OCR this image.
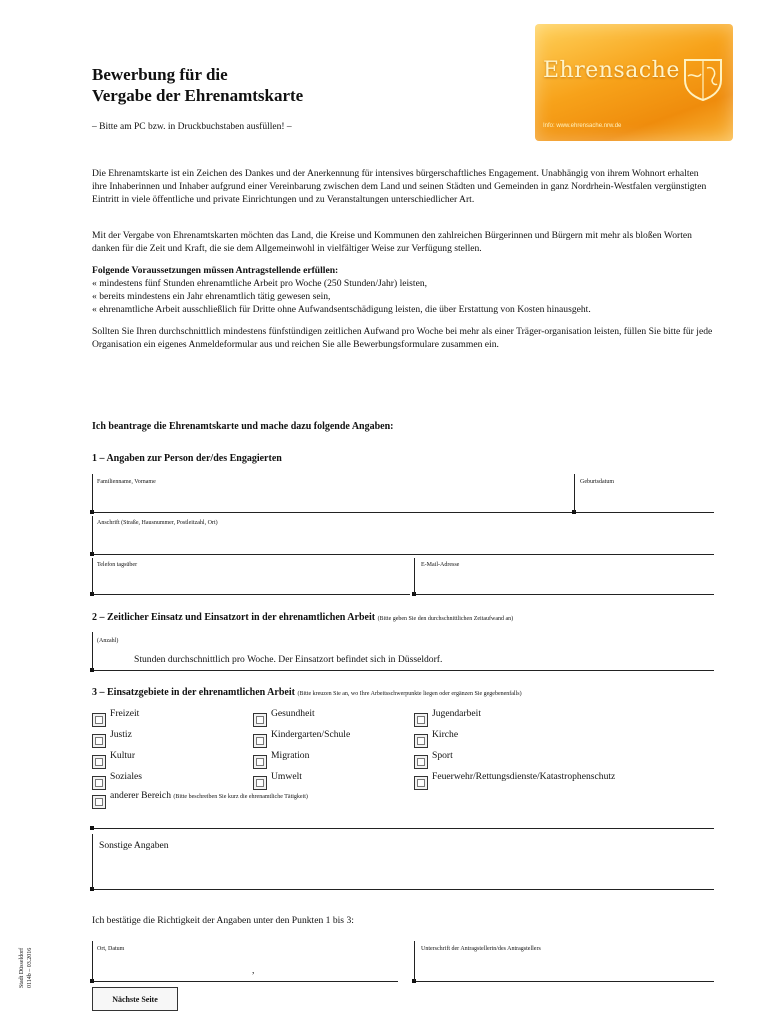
Bewerbung für die
Vergabe der Ehrenamtskarte
– Bitte am PC bzw. in Druckbuchstaben ausfüllen! –
Ehrensache
Info: www.ehrensache.nrw.de
Die Ehrenamtskarte ist ein Zeichen des Dankes und der Anerkennung für intensives bürgerschaftliches Engagement. Unabhängig von ihrem Wohnort erhalten ihre Inhaberinnen und Inhaber aufgrund einer Vereinbarung zwischen dem Land und seinen Städten und Gemeinden in ganz Nordrhein-Westfalen vergünstigten Eintritt in viele öffentliche und private Einrichtungen und zu Veranstaltungen unterschiedlicher Art.
Mit der Vergabe von Ehrenamtskarten möchten das Land, die Kreise und Kommunen den zahlreichen Bürgerinnen und Bürgern mit mehr als bloßen Worten danken für die Zeit und Kraft, die sie dem Allgemeinwohl in vielfältiger Weise zur Verfügung stellen.
Folgende Voraussetzungen müssen Antragstellende erfüllen:
« mindestens fünf Stunden ehrenamtliche Arbeit pro Woche (250 Stunden/Jahr) leisten,
« bereits mindestens ein Jahr ehrenamtlich tätig gewesen sein,
« ehrenamtliche Arbeit ausschließlich für Dritte ohne Aufwandsentschädigung leisten, die über Erstattung von Kosten hinausgeht.
Sollten Sie Ihren durchschnittlich mindestens fünfstündigen zeitlichen Aufwand pro Woche bei mehr als einer Träger-organisation leisten, füllen Sie bitte für jede Organisation ein eigenes Anmeldeformular aus und reichen Sie alle Bewerbungsformulare zusammen ein.
Ich beantrage die Ehrenamtskarte und mache dazu folgende Angaben:
1 – Angaben zur Person der/des Engagierten
Familienname, Vorname	Geburtsdatum
Anschrift (Straße, Hausnummer, Postleitzahl, Ort)
Telefon tagsüber	E-Mail-Adresse
2 – Zeitlicher Einsatz und Einsatzort in der ehrenamtlichen Arbeit (Bitte geben Sie den durchschnittlichen Zeitaufwand an)
(Anzahl)
Stunden durchschnittlich pro Woche. Der Einsatzort befindet sich in Düsseldorf.
3 – Einsatzgebiete in der ehrenamtlichen Arbeit (Bitte kreuzen Sie an, wo Ihre Arbeitsschwerpunkte liegen oder ergänzen Sie gegebenenfalls)
Freizeit	Gesundheit	Jugendarbeit
Justiz	Kindergarten/Schule	Kirche
Kultur	Migration	Sport
Soziales	Umwelt	Feuerwehr/Rettungsdienste/Katastrophenschutz
anderer Bereich (Bitte beschreiben Sie kurz die ehrenamtliche Tätigkeit)
Sonstige Angaben
Ich bestätige die Richtigkeit der Angaben unter den Punkten 1 bis 3:
Ort, Datum
,
Unterschrift der Antragstellerin/des Antragstellers
Nächste Seite
Stadt Düsseldorf 0114b – 03.2016
